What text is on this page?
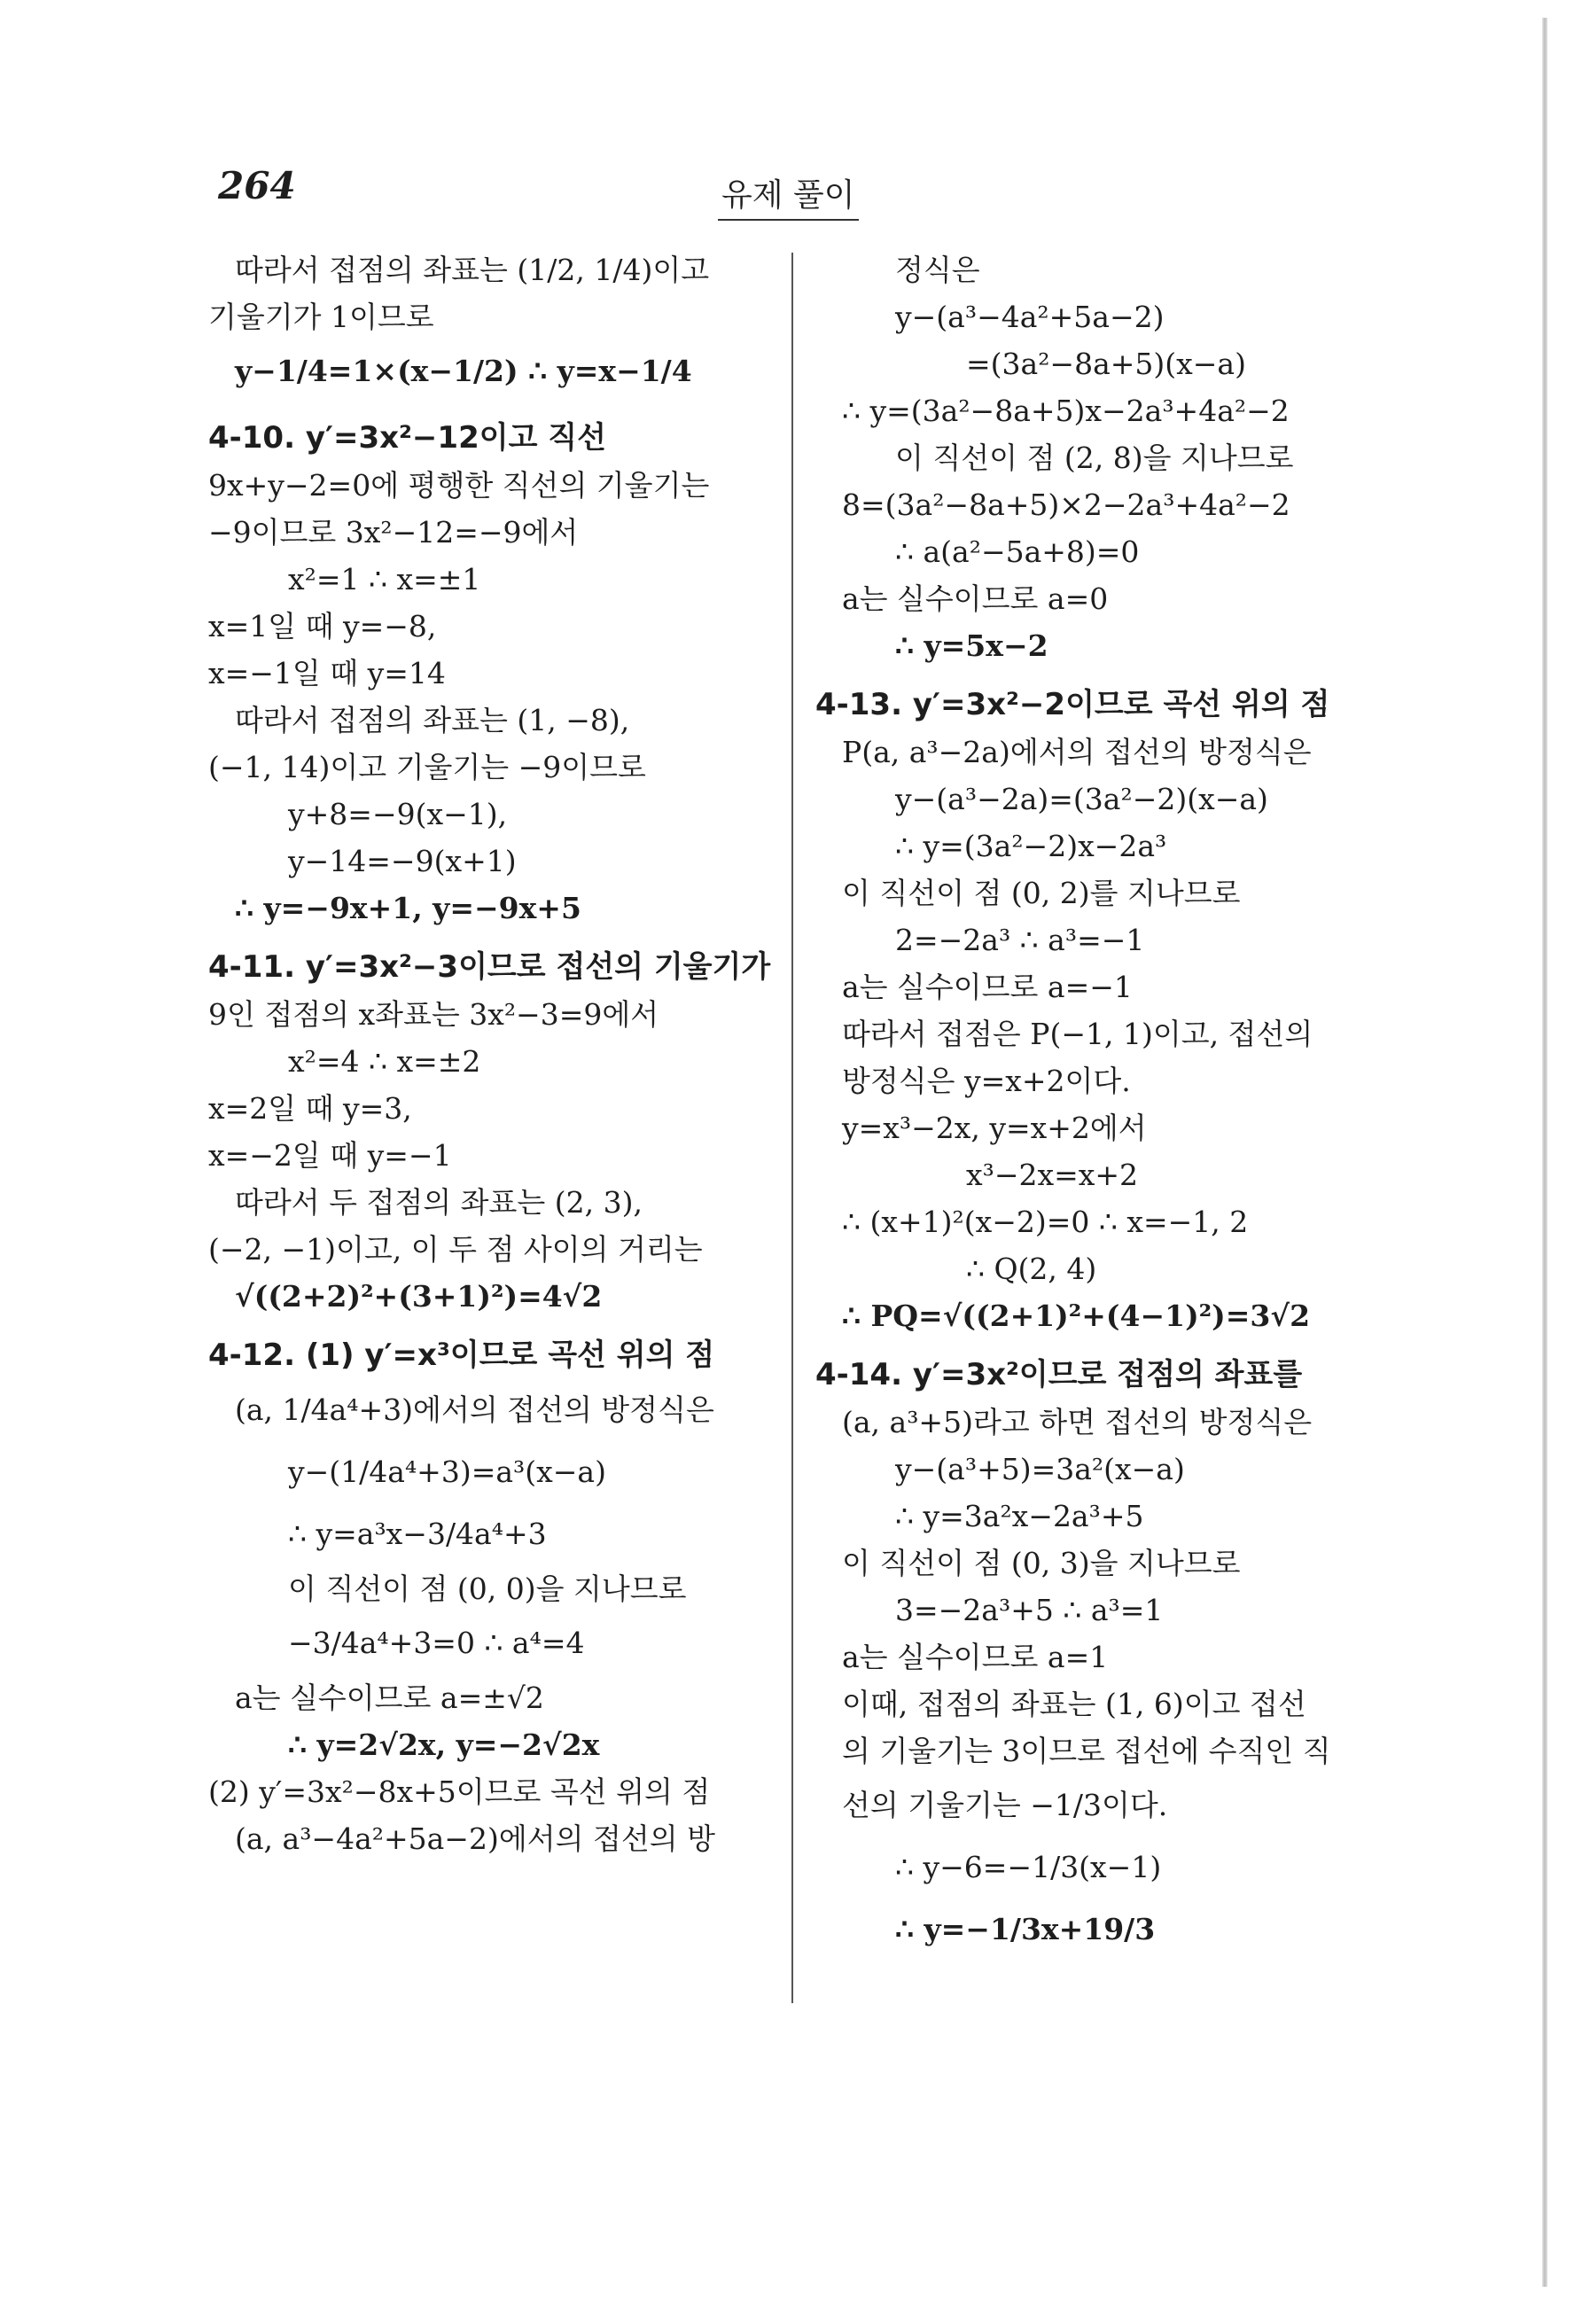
264	유제 풀이
따라서 접점의 좌표는 (1/2, 1/4)이고
기울기가 1이므로
y−1/4=1×(x−1/2) ∴ y=x−1/4
4-10. y′=3x²−12이고 직선
9x+y−2=0에 평행한 직선의 기울기는
−9이므로 3x²−12=−9에서
x²=1 ∴ x=±1
x=1일 때 y=−8,
x=−1일 때 y=14
따라서 접점의 좌표는 (1, −8),
(−1, 14)이고 기울기는 −9이므로
y+8=−9(x−1),
y−14=−9(x+1)
∴ y=−9x+1, y=−9x+5
4-11. y′=3x²−3이므로 접선의 기울기가
9인 접점의 x좌표는 3x²−3=9에서
x²=4 ∴ x=±2
x=2일 때 y=3,
x=−2일 때 y=−1
따라서 두 접점의 좌표는 (2, 3),
(−2, −1)이고, 이 두 점 사이의 거리는
√((2+2)²+(3+1)²)=4√2
4-12. (1) y′=x³이므로 곡선 위의 점
(a, 1/4a⁴+3)에서의 접선의 방정식은
y−(1/4a⁴+3)=a³(x−a)
∴ y=a³x−3/4a⁴+3
이 직선이 점 (0, 0)을 지나므로
−3/4a⁴+3=0 ∴ a⁴=4
a는 실수이므로 a=±√2
∴ y=2√2x, y=−2√2x
(2) y′=3x²−8x+5이므로 곡선 위의 점
(a, a³−4a²+5a−2)에서의 접선의 방
정식은
y−(a³−4a²+5a−2)
=(3a²−8a+5)(x−a)
∴ y=(3a²−8a+5)x−2a³+4a²−2
이 직선이 점 (2, 8)을 지나므로
8=(3a²−8a+5)×2−2a³+4a²−2
∴ a(a²−5a+8)=0
a는 실수이므로 a=0
∴ y=5x−2
4-13. y′=3x²−2이므로 곡선 위의 점
P(a, a³−2a)에서의 접선의 방정식은
y−(a³−2a)=(3a²−2)(x−a)
∴ y=(3a²−2)x−2a³
이 직선이 점 (0, 2)를 지나므로
2=−2a³ ∴ a³=−1
a는 실수이므로 a=−1
따라서 접점은 P(−1, 1)이고, 접선의
방정식은 y=x+2이다.
y=x³−2x, y=x+2에서
x³−2x=x+2
∴ (x+1)²(x−2)=0 ∴ x=−1, 2
∴ Q(2, 4)
∴ PQ=√((2+1)²+(4−1)²)=3√2
4-14. y′=3x²이므로 접점의 좌표를
(a, a³+5)라고 하면 접선의 방정식은
y−(a³+5)=3a²(x−a)
∴ y=3a²x−2a³+5
이 직선이 점 (0, 3)을 지나므로
3=−2a³+5 ∴ a³=1
a는 실수이므로 a=1
이때, 접점의 좌표는 (1, 6)이고 접선
의 기울기는 3이므로 접선에 수직인 직
선의 기울기는 −1/3이다.
∴ y−6=−1/3(x−1)
∴ y=−1/3x+19/3
